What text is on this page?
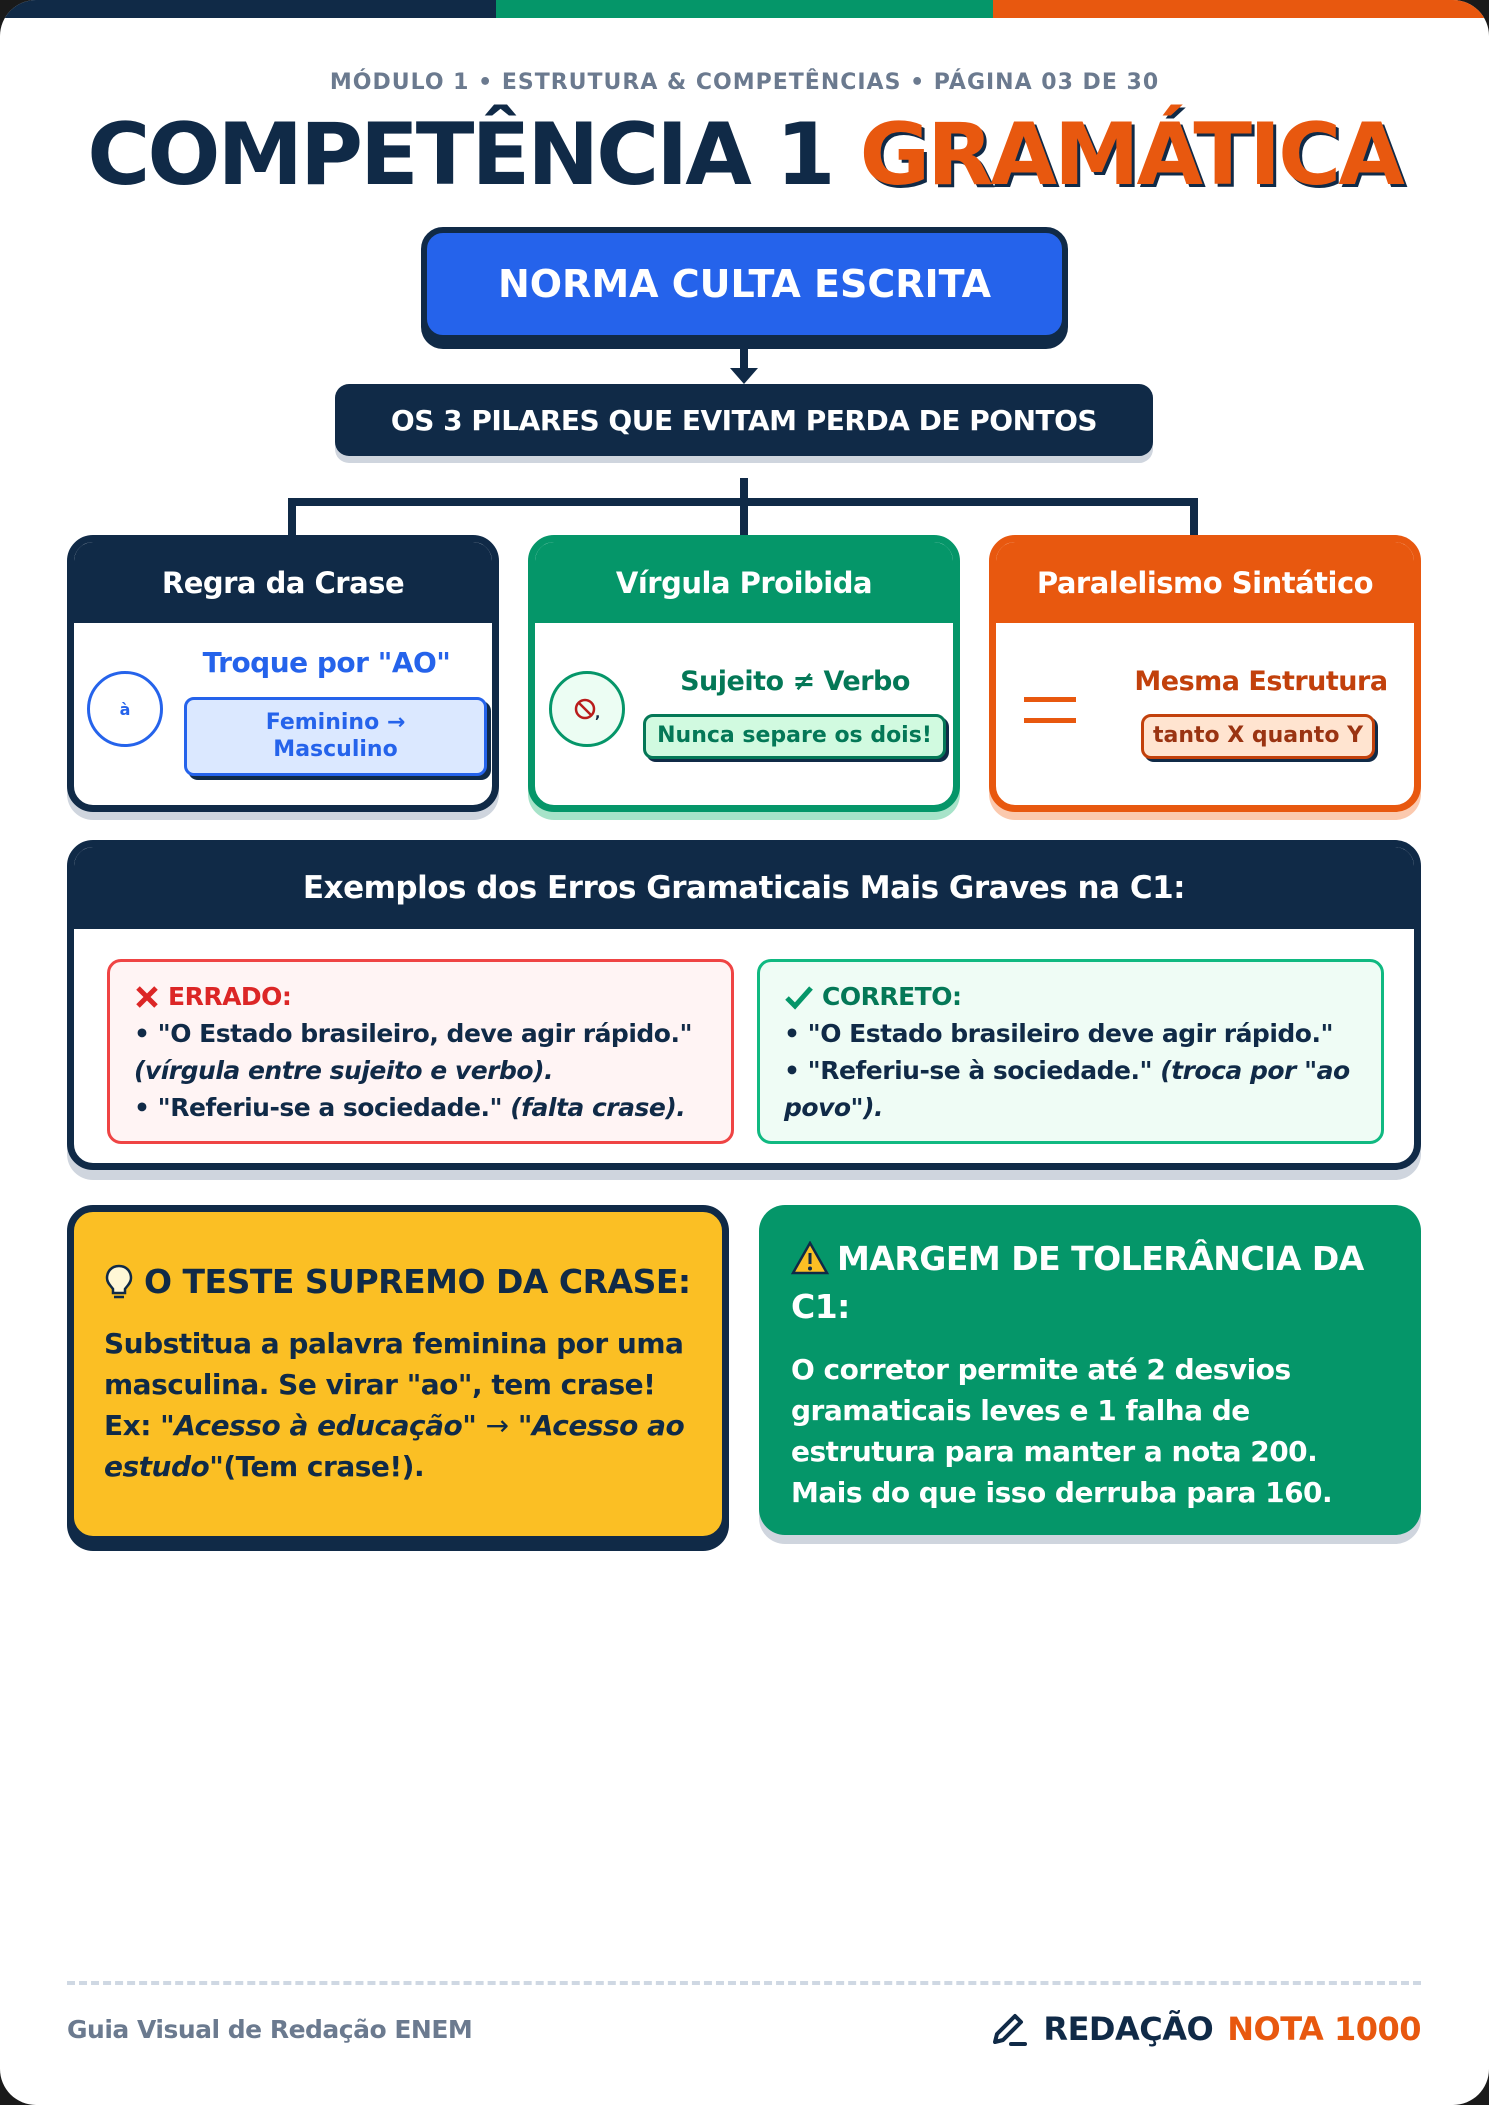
MÓDULO 1 • ESTRUTURA & COMPETÊNCIAS • PÁGINA 03 DE 30
COMPETÊNCIA 1 GRAMÁTICA
NORMA CULTA ESCRITA
OS 3 PILARES QUE EVITAM PERDA DE PONTOS
Regra da Crase
à
Troque por "AO"
Feminino →
Masculino
Vírgula Proibida
,
Sujeito ≠ Verbo
Nunca separe os dois!
Paralelismo Sintático
Mesma Estrutura
tanto X quanto Y
Exemplos dos Erros Gramaticais Mais Graves na C1:
ERRADO:
• "O Estado brasileiro, deve agir rápido."
(vírgula entre sujeito e verbo).
• "Referiu-se a sociedade." (falta crase).
CORRETO:
• "O Estado brasileiro deve agir rápido."
• "Referiu-se à sociedade." (troca por "ao povo").
O TESTE SUPREMO DA CRASE:
Substitua a palavra feminina por uma masculina. Se virar "ao", tem crase! Ex: "Acesso à educação" → "Acesso ao estudo"(Tem crase!).
MARGEM DE TOLERÂNCIA DA C1:
O corretor permite até 2 desvios gramaticais leves e 1 falha de estrutura para manter a nota 200. Mais do que isso derruba para 160.
Guia Visual de Redação ENEM	REDAÇÃO NOTA 1000
